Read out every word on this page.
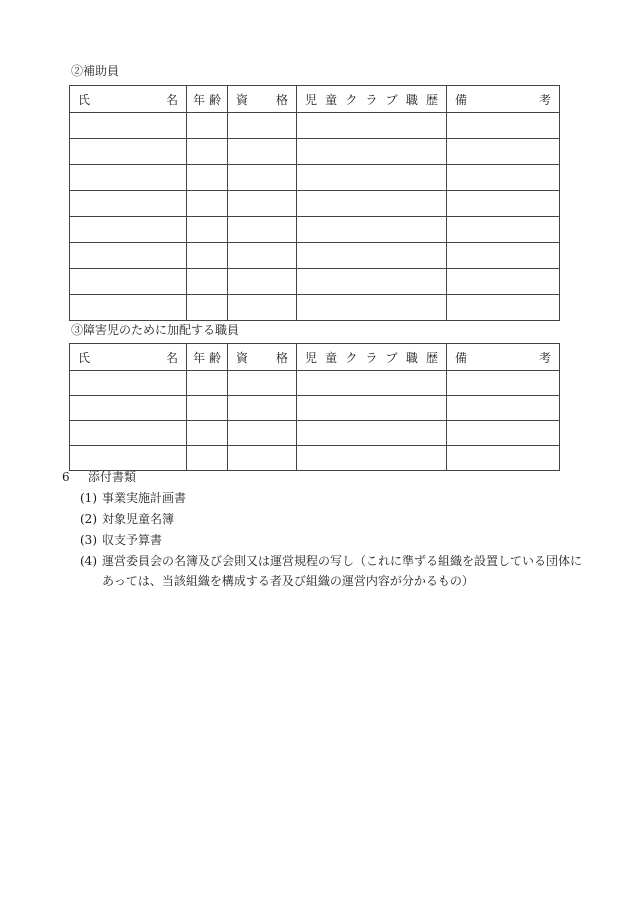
②補助員
氏名	年齢	資格	児童クラブ職歴	備考

③障害児のために加配する職員
氏名	年齢	資格	児童クラブ職歴	備考

6	添付書類
(1) 事業実施計画書
(2) 対象児童名簿
(3) 収支予算書
(4) 運営委員会の名簿及び会則又は運営規程の写し（これに準ずる組織を設置している団体に
あっては、当該組織を構成する者及び組織の運営内容が分かるもの）
